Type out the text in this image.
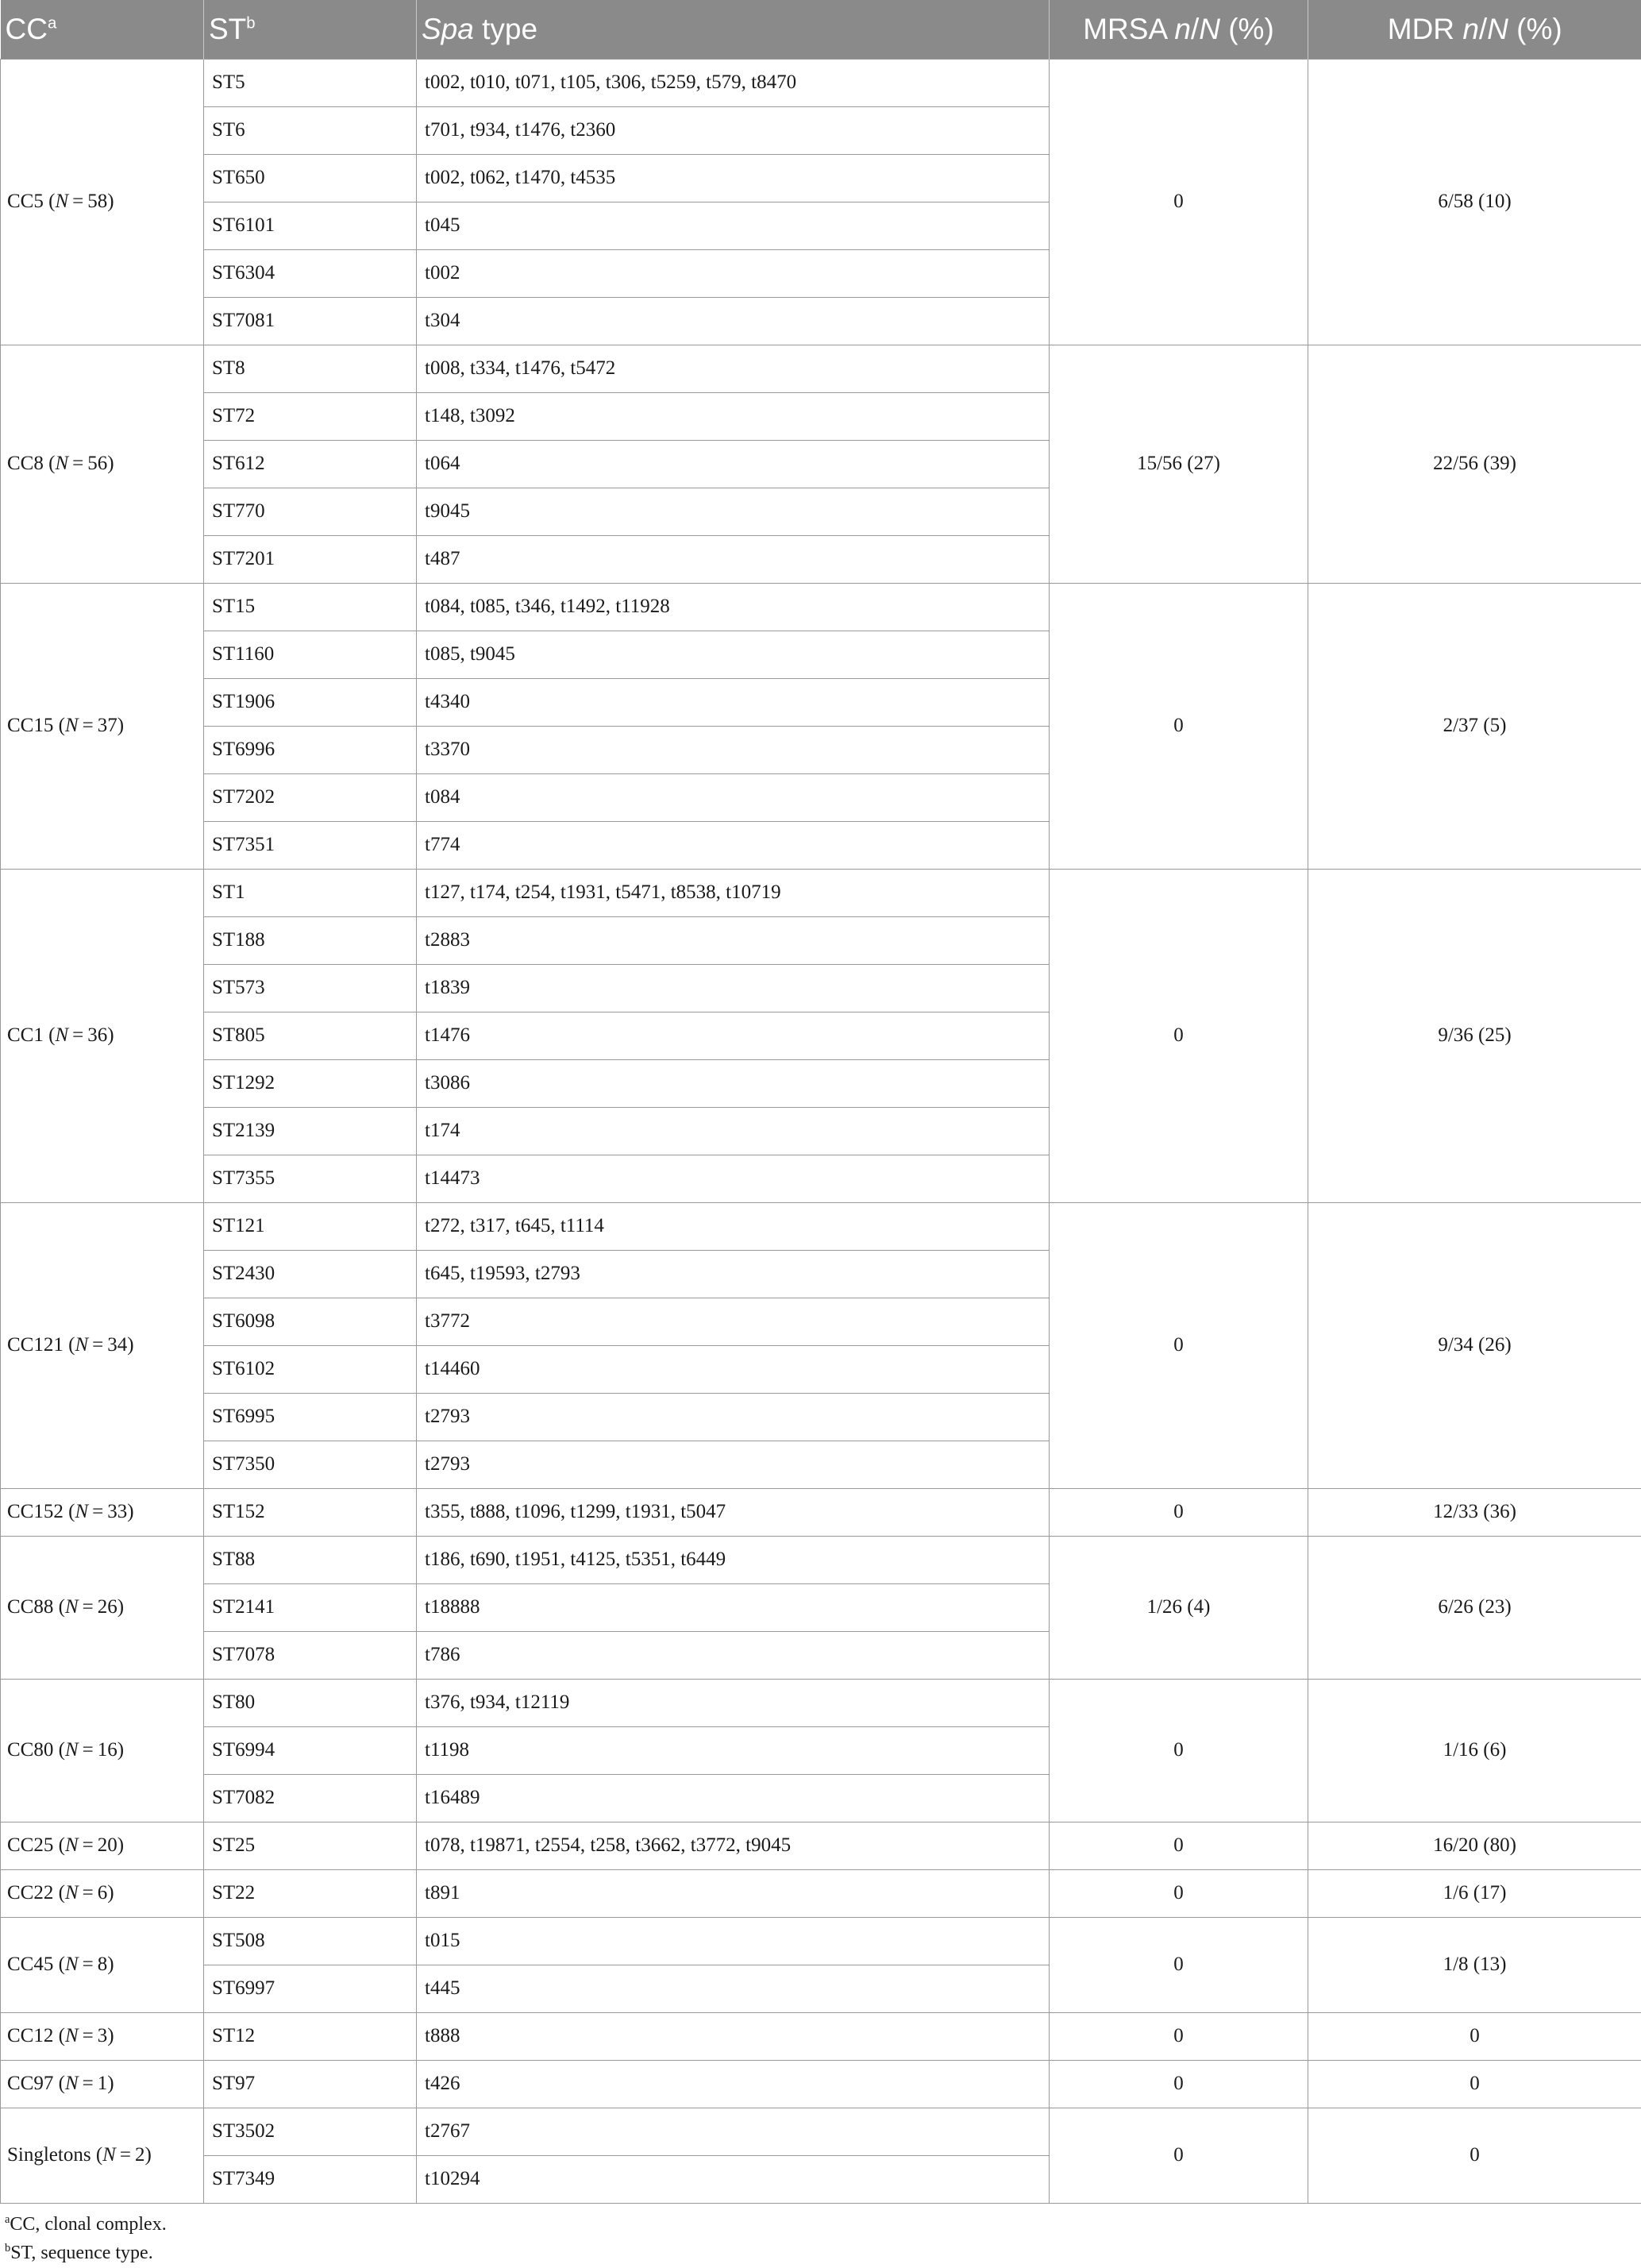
$CC^a$	$ST^b$	Spa type	MRSA n/N (%)	MDR n/N (%)
CC5 (N = 58)	ST5	t002, t010, t071, t105, t306, t5259, t579, t8470	0	6/58 (10)
	ST6	t701, t934, t1476, t2360		
	ST650	t002, t062, t1470, t4535		
	ST6101	t045		
	ST6304	t002		
	ST7081	t304		
CC8 (N = 56)	ST8	t008, t334, t1476, t5472	15/56 (27)	22/56 (39)
	ST72	t148, t3092		
	ST612	t064		
	ST770	t9045		
	ST7201	t487		
CC15 (N = 37)	ST15	t084, t085, t346, t1492, t11928	0	2/37 (5)
	ST1160	t085, t9045		
	ST1906	t4340		
	ST6996	t3370		
	ST7202	t084		
	ST7351	t774		
CC1 (N = 36)	ST1	t127, t174, t254, t1931, t5471, t8538, t10719	0	9/36 (25)
	ST188	t2883		
	ST573	t1839		
	ST805	t1476		
	ST1292	t3086		
	ST2139	t174		
	ST7355	t14473		
CC121 (N = 34)	ST121	t272, t317, t645, t1114	0	9/34 (26)
	ST2430	t645, t19593, t2793		
	ST6098	t3772		
	ST6102	t14460		
	ST6995	t2793		
	ST7350	t2793		
CC152 (N = 33)	ST152	t355, t888, t1096, t1299, t1931, t5047	0	12/33 (36)
CC88 (N = 26)	ST88	t186, t690, t1951, t4125, t5351, t6449	1/26 (4)	6/26 (23)
	ST2141	t18888		
	ST7078	t786		
CC80 (N = 16)	ST80	t376, t934, t12119	0	1/16 (6)
	ST6994	t1198		
	ST7082	t16489		
CC25 (N = 20)	ST25	t078, t19871, t2554, t258, t3662, t3772, t9045	0	16/20 (80)
CC22 (N = 6)	ST22	t891	0	1/6 (17)
CC45 (N = 8)	ST508	t015	0	1/8 (13)
	ST6997	t445		
CC12 (N = 3)	ST12	t888	0	0
CC97 (N = 1)	ST97	t426	0	0
Singletons (N = 2)	ST3502	t2767	0	0
	ST7349	t10294		
$^a$CC, clonal complex.
$^b$ST, sequence type.
